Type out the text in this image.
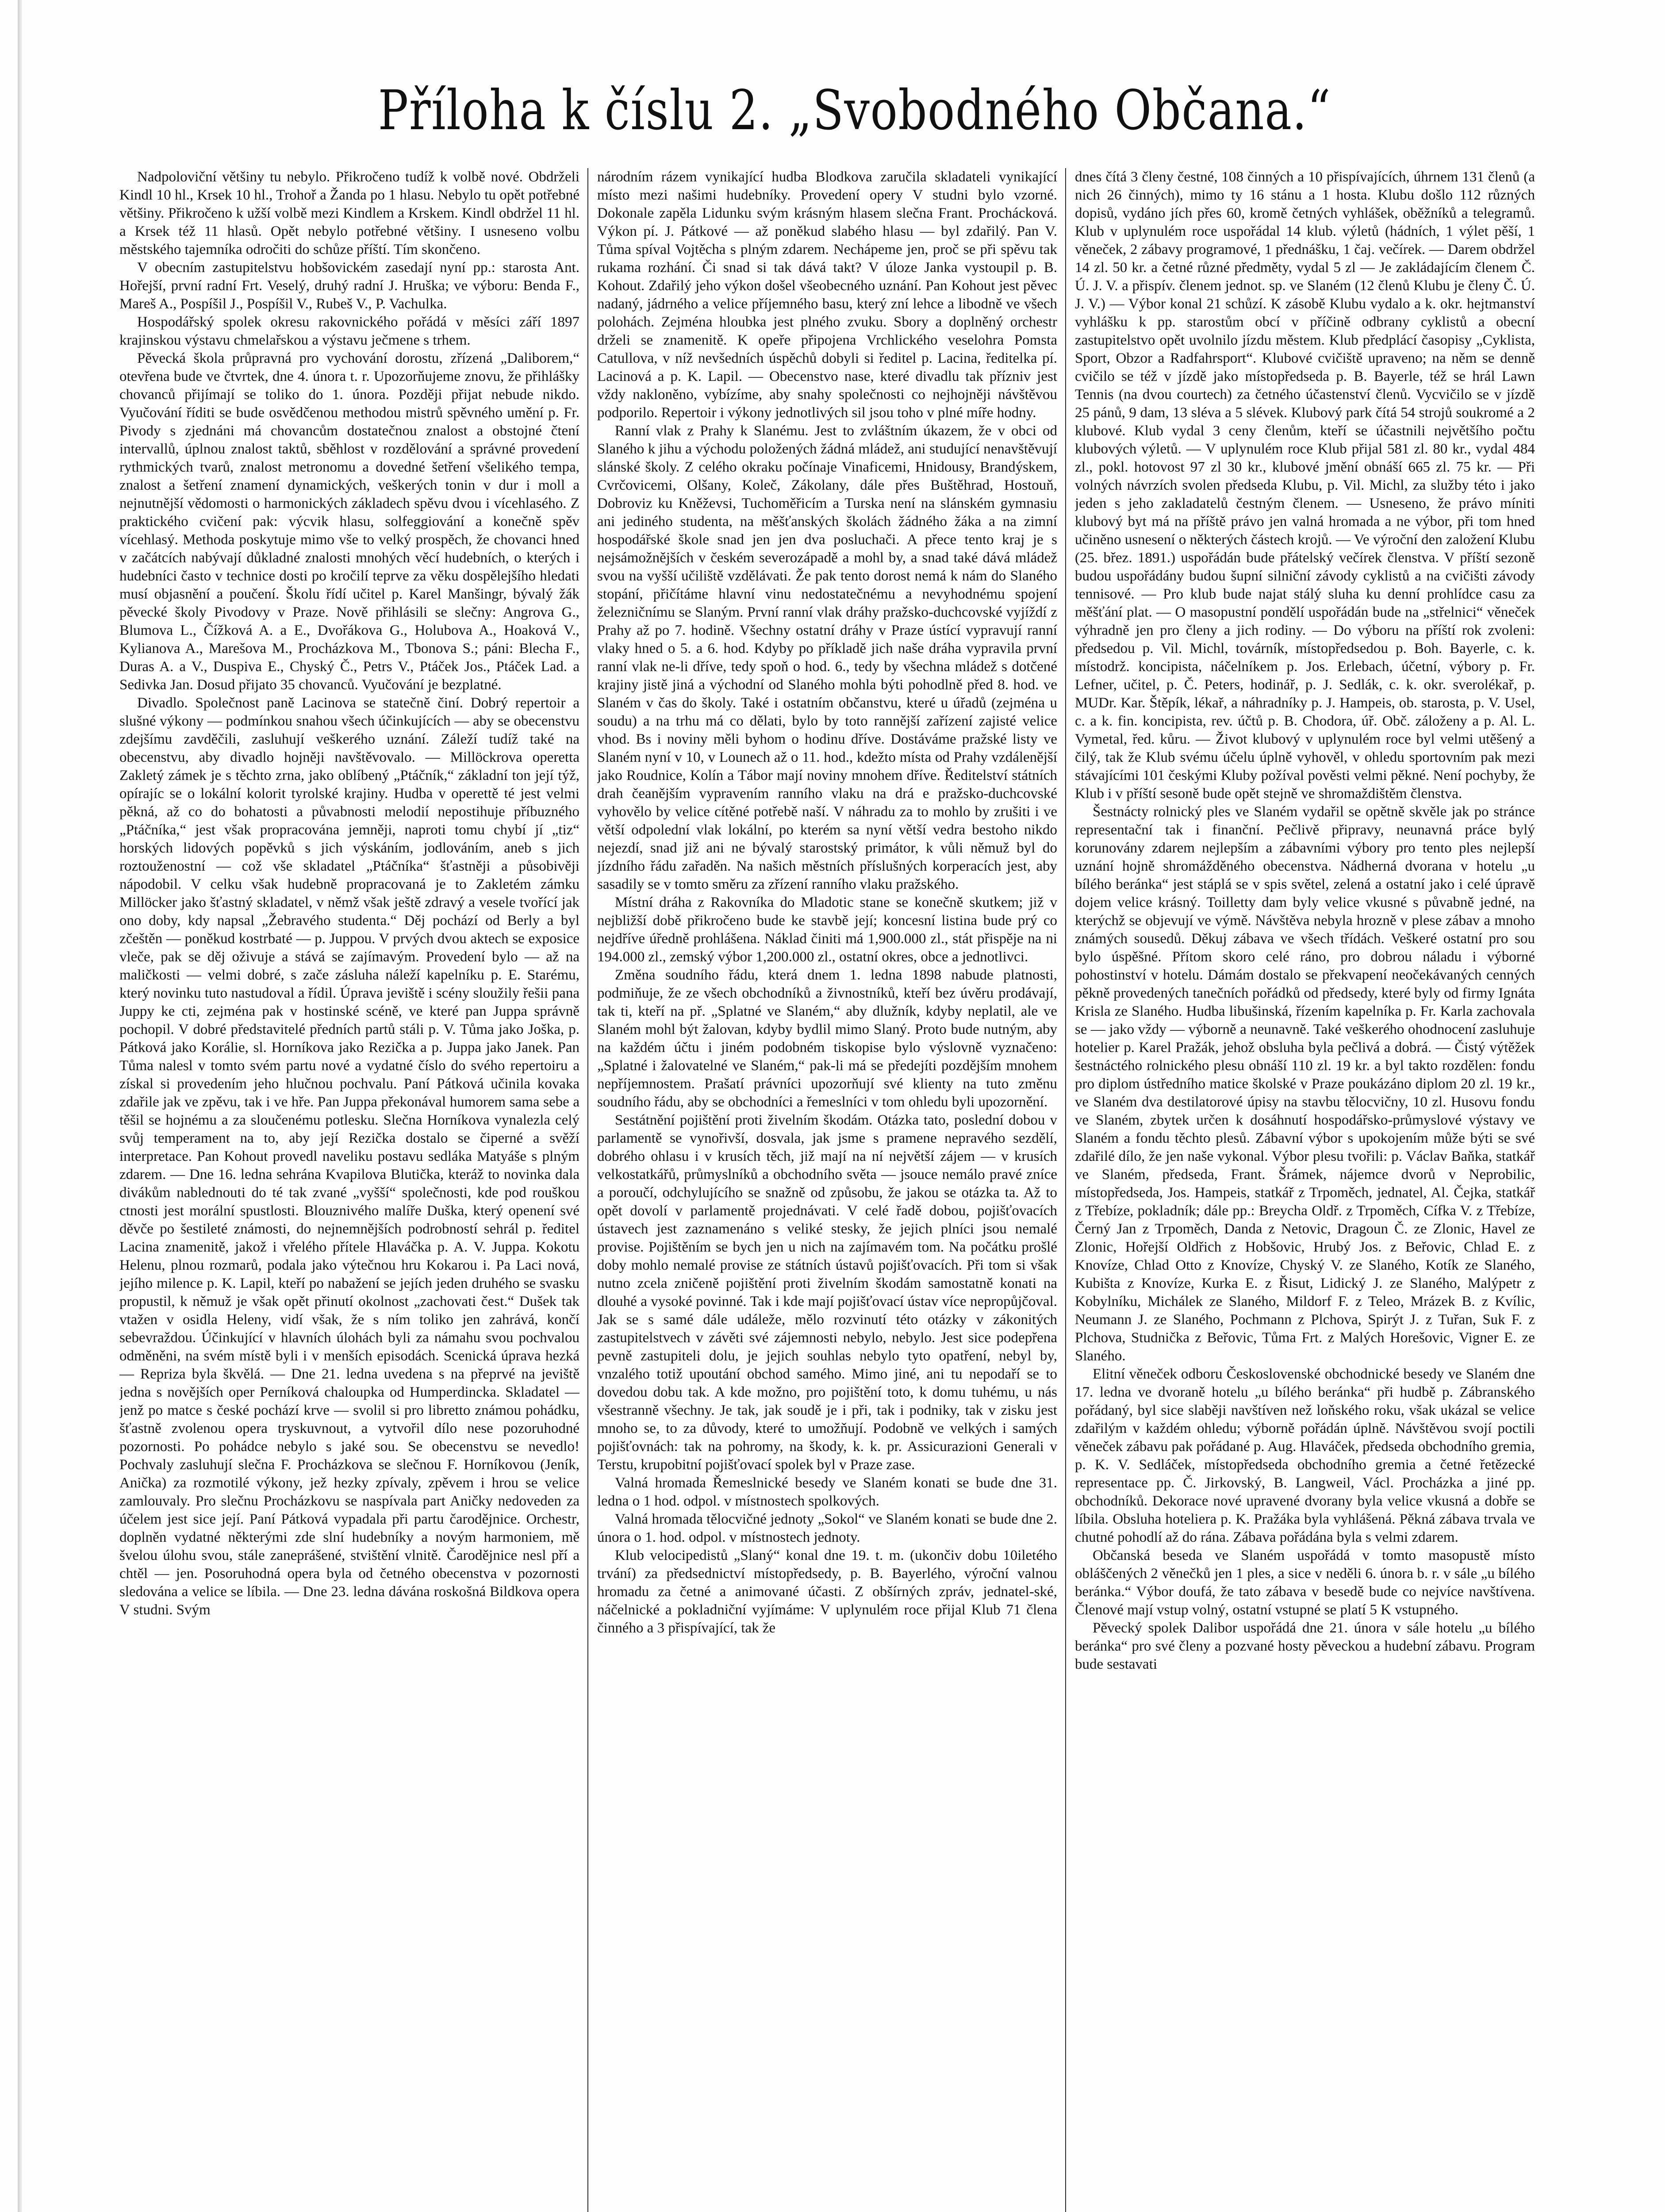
Příloha k číslu 2. „Svobodného Občana.“

Nadpoloviční většiny tu nebylo. Přikročeno tudíž k volbě nové. Obdrželi Kindl 10 hl., Krsek 10 hl., Trohoř a Žanda po 1 hlasu. Nebylo tu opět potřebné většiny. Přikročeno k užší volbě mezi Kindlem a Krskem. Kindl obdržel 11 hl. a Krsek též 11 hlasů. Opět nebylo potřebné většiny. I usneseno volbu městského tajemníka odročiti do schůze příští. Tím skončeno.

V obecním zastupitelstvu hobšovickém zasedají nyní pp.: starosta Ant. Hořejší, první radní Frt. Veselý, druhý radní J. Hruška; ve výboru: Benda F., Mareš A., Pospíšil J., Pospíšil V., Rubeš V., P. Vachulka.

Hospodářský spolek okresu rakovnického pořádá v měsíci září 1897 krajinskou výstavu chmelařskou a výstavu ječmene s trhem.

Pěvecká škola průpravná pro vychování dorostu, zřízená „Daliborem,“ otevřena bude ve čtvrtek, dne 4. února t. r. Upozorňujeme znovu, že přihlášky chovanců přijímají se toliko do 1. února. Později přijat nebude nikdo. Vyučování říditi se bude osvědčenou methodou mistrů spěvného umění p. Fr. Pivody s zjednáni má chovancům dostatečnou znalost a obstojné čtení intervallů, úplnou znalost taktů, sběhlost v rozdělování a správné provedení rythmických tvarů, znalost metronomu a dovedné šetření všelikého tempa, znalost a šetření znamení dynamických, veškerých tonin v dur i moll a nejnutnější vědomosti o harmonických základech spěvu dvou i vícehlasého. Z praktického cvičení pak: výcvik hlasu, solfeggiování a konečně spěv vícehlasý. Methoda poskytuje mimo vše to velký prospěch, že chovanci hned v začátcích nabývají důkladné znalosti mnohých věcí hudebních, o kterých i hudebníci často v technice dosti po kročilí teprve za věku dospělejšího hledati musí objasnění a poučení. Školu řídí učitel p. Karel Manšingr, bývalý žák pěvecké školy Pivodovy v Praze. Nově přihlásili se slečny: Angrova G., Blumova L., Čížková A. a E., Dvořákova G., Holubova A., Hoaková V., Kylianova A., Marešova M., Procházkova M., Tbonova S.; páni: Blecha F., Duras A. a V., Duspiva E., Chyský Č., Petrs V., Ptáček Jos., Ptáček Lad. a Sedivka Jan. Dosud přijato 35 chovanců. Vyučování je bezplatné.

Divadlo. Společnost paně Lacinova se statečně činí. Dobrý repertoir a slušné výkony — podmínkou snahou všech účinkujících — aby se obecenstvu zdejšímu zavděčili, zasluhují veškerého uznání. Záleží tudíž také na obecenstvu, aby divadlo hojněji navštěvovalo. — Millöckrova operetta Zakletý zámek je s těchto zrna, jako oblíbený „Ptáčník,“ základní ton její týž, opírajíc se o lokální kolorit tyrolské krajiny. Hudba v operettě té jest velmi pěkná, až co do bohatosti a půvabnosti melodií nepostihuje příbuzného „Ptáčníka,“ jest však propracována jemněji, naproti tomu chybí jí „tiz“ horských lidových popěvků s jich výskáním, jodlováním, aneb s jich roztouženostní — což vše skladatel „Ptáčníka“ šťastněji a působivěji nápodobil. V celku však hudebně propracovaná je to Zakletém zámku Millöcker jako šťastný skladatel, v němž však ještě zdravý a vesele tvořící jak ono doby, kdy napsal „Žebravého studenta.“ Děj pochází od Berly a byl zčeštěn — poněkud kostrbaté — p. Juppou. V prvých dvou aktech se exposice vleče, pak se děj oživuje a stává se zajímavým. Provedení bylo — až na maličkosti — velmi dobré, s zače zásluha náleží kapelníku p. E. Starému, který novinku tuto nastudoval a řídil. Úprava jeviště i scény sloužily řešii pana Juppy ke cti, zejména pak v hostinské scéně, ve které pan Juppa správně pochopil. V dobré představitelé předních partů stáli p. V. Tůma jako Joška, p. Pátková jako Korálie, sl. Horníkova jako Rezička a p. Juppa jako Janek. Pan Tůma nalesl v tomto svém partu nové a vydatné číslo do svého repertoiru a získal si provedením jeho hlučnou pochvalu. Paní Pátková učinila kovaka zdařile jak ve zpěvu, tak i ve hře. Pan Juppa překonával humorem sama sebe a těšil se hojnému a za sloučenému potlesku. Slečna Horníkova vynalezla celý svůj temperament na to, aby její Rezička dostalo se čiperné a svěží interpretace. Pan Kohout provedl naveliku postavu sedláka Matyáše s plným zdarem. — Dne 16. ledna sehrána Kvapilova Blutička, kteráž to novinka dala divákům nablednouti do té tak zvané „vyšší“ společnosti, kde pod rouškou ctnosti jest morální spustlosti. Blouznivého malíře Duška, který openení své děvče po šestileté známosti, do nejnemnějších podrobností sehrál p. ředitel Lacina znamenitě, jakož i vřelého přítele Hlaváčka p. A. V. Juppa. Kokotu Helenu, plnou rozmarů, podala jako výtečnou hru Kokarou i. Pa Laci nová, jejího milence p. K. Lapil, kteří po nabažení se jejích jeden druhého se svasku propustil, k němuž je však opět přinutí okolnost „zachovati čest.“ Dušek tak vtažen v osidla Heleny, vidí však, že s ním toliko jen zahrává, končí sebevraždou. Účinkující v hlavních úlohách byli za námahu svou pochvalou odměněni, na svém místě byli i v menších episodách. Scenická úprava hezká — Repriza byla škvělá. — Dne 21. ledna uvedena s na přeprvé na jeviště jedna s novějších oper Perníková chaloupka od Humperdincka. Skladatel — jenž po matce s české pochází krve — svolil si pro libretto známou pohádku, šťastně zvolenou opera tryskuvnout, a vytvořil dílo nese pozoruhodné pozornosti. Po pohádce nebylo s jaké sou. Se obecenstvu se nevedlo! Pochvaly zasluhují slečna F. Procházkova se slečnou F. Horníkovou (Jeník, Anička) za rozmotilé výkony, jež hezky zpívaly, zpěvem i hrou se velice zamlouvaly. Pro slečnu Procházkovu se naspívala part Aničky nedoveden za účelem jest sice její. Paní Pátková vypadala při partu čarodějnice. Orchestr, doplněn vydatné některými zde slní hudebníky a novým harmoniem, mě švelou úlohu svou, stále zaneprášené, stvištění vlnitě. Čarodějnice nesl pří a chtěl — jen. Posoruhodná opera byla od četného obecenstva v pozornosti sledována a velice se líbila. — Dne 23. ledna dávána roskošná Bildkova opera V studni. Svým

národním rázem vynikající hudba Blodkova zaručila skladateli vynikající místo mezi našimi hudebníky. Provedení opery V studni bylo vzorné. Dokonale zapěla Lidunku svým krásným hlasem slečna Frant. Prochácková. Výkon pí. J. Pátkové — až poněkud slabého hlasu — byl zdařilý. Pan V. Tůma spíval Vojtěcha s plným zdarem. Nechápeme jen, proč se při spěvu tak rukama rozhání. Či snad si tak dává takt? V úloze Janka vystoupil p. B. Kohout. Zdařilý jeho výkon došel všeobecného uznání. Pan Kohout jest pěvec nadaný, jádrného a velice příjemného basu, který zní lehce a libodně ve všech polohách. Zejména hloubka jest plného zvuku. Sbory a doplněný orchestr drželi se znamenitě. K opeře připojena Vrchlického veselohra Pomsta Catullova, v níž nevšedních úspěchů dobyli si ředitel p. Lacina, ředitelka pí. Lacinová a p. K. Lapil. — Obecenstvo nase, které divadlu tak přízniv jest vždy nakloněno, vybízíme, aby snahy společnosti co nejhojněji návštěvou podporilo. Repertoir i výkony jednotlivých sil jsou toho v plné míře hodny.

Ranní vlak z Prahy k Slanému. Jest to zvláštním úkazem, že v obci od Slaného k jihu a východu položených žádná mládež, ani studující nenavštěvují slánské školy. Z celého okraku počínaje Vinaficemi, Hnidousy, Brandýskem, Cvrčovicemi, Olšany, Koleč, Zákolany, dále přes Buštěhrad, Hostouň, Dobroviz ku Kněževsi, Tuchoměřicím a Turska není na slánském gymnasiu ani jediného studenta, na měšťanských školách žádného žáka a na zimní hospodářské škole snad jen jen dva posluchači. A přece tento kraj je s nejsámožnějších v českém severozápadě a mohl by, a snad také dává mládež svou na vyšší učiliště vzdělávati. Že pak tento dorost nemá k nám do Slaného stopání, přičítáme hlavní vinu nedostatečnému a nevyhodnému spojení železničnímu se Slaným. První ranní vlak dráhy pražsko-duchcovské vyjíždí z Prahy až po 7. hodině. Všechny ostatní dráhy v Praze ústící vypravují ranní vlaky hned o 5. a 6. hod. Kdyby po příkladě jich naše dráha vypravila první ranní vlak ne-li dříve, tedy spoň o hod. 6., tedy by všechna mládež s dotčené krajiny jistě jiná a východní od Slaného mohla býti pohodlně před 8. hod. ve Slaném v čas do školy. Také i ostatním občanstvu, které u úřadů (zejména u soudu) a na trhu má co dělati, bylo by toto rannější zařízení zajisté velice vhod. Bs i noviny měli byhom o hodinu dříve. Dostáváme pražské listy ve Slaném nyní v 10, v Lounech až o 11. hod., kdežto místa od Prahy vzdálenější jako Roudnice, Kolín a Tábor mají noviny mnohem dříve. Ředitelství státních drah čeanějším vypravením ranního vlaku na drá e pražsko-duchcovské vyhovělo by velice cítěné potřebě naší. V náhradu za to mohlo by zrušiti i ve větší odpolední vlak lokální, po kterém sa nyní větší vedra bestoho nikdo nejezdí, snad již ani ne bývalý starostský primátor, k vůli němuž byl do jízdního řádu zařaděn. Na našich městních příslušných korperacích jest, aby sasadily se v tomto směru za zřízení ranního vlaku pražského.

Místní dráha z Rakovníka do Mladotic stane se konečně skutkem; již v nejbližší době přikročeno bude ke stavbě její; koncesní listina bude prý co nejdříve úředně prohlášena. Náklad činiti má 1,900.000 zl., stát přispěje na ni 194.000 zl., zemský výbor 1,200.000 zl., ostatní okres, obce a jednotlivci.

Změna soudního řádu, která dnem 1. ledna 1898 nabude platnosti, podmiňuje, že ze všech obchodníků a živnostníků, kteří bez úvěru prodávají, tak ti, kteří na př. „Splatné ve Slaném,“ aby dlužník, kdyby neplatil, ale ve Slaném mohl být žalovan, kdyby bydlil mimo Slaný. Proto bude nutným, aby na každém účtu i jiném podobném tiskopise bylo výslovně vyznačeno: „Splatné i žalovatelné ve Slaném,“ pak-li má se předejíti pozdějším mnohem nepříjemnostem. Prašatí právníci upozorňují své klienty na tuto změnu soudního řádu, aby se obchodníci a řemeslníci v tom ohledu byli upozornění.

Sestátnění pojištění proti živelním škodám. Otázka tato, poslední dobou v parlamentě se vynořivší, dosvala, jak jsme s pramene nepravého sezdělí, dobrého ohlasu i v krusích těch, již mají na ní největší zájem — v krusích velkostatkářů, průmyslníků a obchodního světa — jsouce nemálo pravé zníce a poroučí, odchylujícího se snažně od způsobu, že jakou se otázka ta. Až to opět dovolí v parlamentě projednávati. V celé řadě dobou, pojišťovacích ústavech jest zaznamenáno s veliké stesky, že jejich plníci jsou nemalé provise. Pojištěním se bych jen u nich na zajímavém tom. Na počátku prošlé doby mohlo nemalé provise ze státních ústavů pojišťovacích. Při tom si však nutno zcela zničeně pojištění proti živelním škodám samostatně konati na dlouhé a vysoké povinné. Tak i kde mají pojišťovací ústav více nepropůjčoval. Jak se s samé dále událeže, mělo rozvinutí této otázky v zákonitých zastupitelstvech v závěti své zájemnosti nebylo, nebylo. Jest sice podepřena pevně zastupiteli dolu, je jejich souhlas nebylo tyto opatření, nebyl by, vnzalého totiž upoutání obchod samého. Mimo jiné, ani tu nepodaří se to dovedou dobu tak. A kde možno, pro pojištění toto, k domu tuhému, u nás všestranně všechny. Je tak, jak soudě je i při, tak i podniky, tak v zisku jest mnoho se, to za důvody, které to umožňují. Podobně ve velkých i samých pojišťovnách: tak na pohromy, na škody, k. k. pr. Assicurazioni Generali v Terstu, krupobitní pojišťovací spolek byl v Praze zase.

Valná hromada Řemeslnické besedy ve Slaném konati se bude dne 31. ledna o 1 hod. odpol. v místnostech spolkových.

Valná hromada tělocvičné jednoty „Sokol“ ve Slaném konati se bude dne 2. února o 1. hod. odpol. v místnostech jednoty.

Klub velocipedistů „Slaný“ konal dne 19. t. m. (ukončiv dobu 10iletého trvání) za předsednictví místopředsedy, p. B. Bayerlého, výroční valnou hromadu za četné a animované účasti. Z obšírných zpráv, jednatel-ské, náčelnické a pokladniční vyjímáme: V uplynulém roce přijal Klub 71 člena činného a 3 přispívající, tak že

dnes čítá 3 členy čestné, 108 činných a 10 přispívajících, úhrnem 131 členů (a nich 26 činných), mimo ty 16 stánu a 1 hosta. Klubu došlo 112 různých dopisů, vydáno jích přes 60, kromě četných vyhlášek, oběžníků a telegramů. Klub v uplynulém roce uspořádal 14 klub. výletů (hádních, 1 výlet pěší, 1 věneček, 2 zábavy programové, 1 přednášku, 1 čaj. večírek. — Darem obdržel 14 zl. 50 kr. a četné různé předměty, vydal 5 zl — Je zakládajícím členem Č. Ú. J. V. a přispív. členem jednot. sp. ve Slaném (12 členů Klubu je členy Č. Ú. J. V.) — Výbor konal 21 schůzí. K zásobě Klubu vydalo a k. okr. hejtmanství vyhlášku k pp. starostům obcí v příčině odbrany cyklistů a obecní zastupitelstvo opět uvolnilo jízdu městem. Klub předplácí časopisy „Cyklista, Sport, Obzor a Radfahrsport“. Klubové cvičiště upraveno; na něm se denně cvičilo se též v jízdě jako místopředseda p. B. Bayerle, též se hrál Lawn Tennis (na dvou courtech) za četného účastenství členů. Vycvičilo se v jízdě 25 pánů, 9 dam, 13 sléva a 5 slévek. Klubový park čítá 54 strojů soukromé a 2 klubové. Klub vydal 3 ceny členům, kteří se účastnili největšího počtu klubových výletů. — V uplynulém roce Klub přijal 581 zl. 80 kr., vydal 484 zl., pokl. hotovost 97 zl 30 kr., klubové jmění obnáší 665 zl. 75 kr. — Při volných návrzích svolen předseda Klubu, p. Vil. Michl, za služby této i jako jeden s jeho zakladatelů čestným členem. — Usneseno, že právo míniti klubový byt má na příště právo jen valná hromada a ne výbor, při tom hned učiněno usnesení o některých částech krojů. — Ve výroční den založení Klubu (25. břez. 1891.) uspořádán bude přátelský večírek členstva. V příští sezoně budou uspořádány budou šupní silniční závody cyklistů a na cvičišti závody tennisové. — Pro klub bude najat stálý sluha ku denní prohlídce casu za měšťání plat. — O masopustní pondělí uspořádán bude na „střelnici“ věneček výhradně jen pro členy a jich rodiny. — Do výboru na příští rok zvoleni: předsedou p. Vil. Michl, továrník, místopředsedou p. Boh. Bayerle, c. k. místodrž. koncipista, náčelníkem p. Jos. Erlebach, účetní, výbory p. Fr. Lefner, učitel, p. Č. Peters, hodinář, p. J. Sedlák, c. k. okr. sverolékař, p. MUDr. Kar. Štěpík, lékař, a náhradníky p. J. Hampeis, ob. starosta, p. V. Usel, c. a k. fin. koncipista, rev. účtů p. B. Chodora, úř. Obč. záloženy a p. Al. L. Vymetal, řed. kůru. — Život klubový v uplynulém roce byl velmi utěšený a čilý, tak že Klub svému účelu úplně vyhověl, v ohledu sportovním pak mezi stávajícími 101 českými Kluby požíval pověsti velmi pěkné. Není pochyby, že Klub i v příští sesoně bude opět stejně ve shromaždištěm členstva.

Šestnácty rolnický ples ve Slaném vydařil se opětně skvěle jak po stránce representační tak i finanční. Pečlivě připravy, neunavná práce bylý korunovány zdarem nejlepším a zábavními výbory pro tento ples nejlepší uznání hojně shromážděného obecenstva. Nádherná dvorana v hotelu „u bílého beránka“ jest stáplá se v spis světel, zelená a ostatní jako i celé úpravě dojem velice krásný. Toilletty dam byly velice vkusné s půvabně jedné, na kterýchž se objevují ve výmě. Návštěva nebyla hrozně v plese zábav a mnoho známých sousedů. Děkuj zábava ve všech třídách. Veškeré ostatní pro sou bylo úspěšné. Přítom skoro celé ráno, pro dobrou náladu i výborné pohostinství v hotelu. Dámám dostalo se překvapení neočekávaných cenných pěkně provedených tanečních pořádků od předsedy, které byly od firmy Ignáta Krisla ze Slaného. Hudba libušinská, řízením kapelníka p. Fr. Karla zachovala se — jako vždy — výborně a neunavně. Také veškerého ohodnocení zasluhuje hotelier p. Karel Pražák, jehož obsluha byla pečlivá a dobrá. — Čistý výtěžek šestnáctého rolnického plesu obnáší 110 zl. 19 kr. a byl takto rozdělen: fondu pro diplom ústředního matice školské v Praze poukázáno diplom 20 zl. 19 kr., ve Slaném dva destilatorové úpisy na stavbu tělocvičny, 10 zl. Husovu fondu ve Slaném, zbytek určen k dosáhnutí hospodářsko-průmyslové výstavy ve Slaném a fondu těchto plesů. Zábavní výbor s upokojením může býti se své zdařilé dílo, že jen naše vykonal. Výbor plesu tvořili: p. Václav Baňka, statkář ve Slaném, předseda, Frant. Šrámek, nájemce dvorů v Neprobilic, místopředseda, Jos. Hampeis, statkář z Trpoměch, jednatel, Al. Čejka, statkář z Třebíze, pokladník; dále pp.: Breycha Oldř. z Trpoměch, Cífka V. z Třebíze, Černý Jan z Trpoměch, Danda z Netovic, Dragoun Č. ze Zlonic, Havel ze Zlonic, Hořejší Oldřich z Hobšovic, Hrubý Jos. z Beřovic, Chlad E. z Knovíze, Chlad Otto z Knovíze, Chyský V. ze Slaného, Kotík ze Slaného, Kubišta z Knovíze, Kurka E. z Řisut, Lidický J. ze Slaného, Malýpetr z Kobylníku, Michálek ze Slaného, Mildorf F. z Teleo, Mrázek B. z Kvílic, Neumann J. ze Slaného, Pochmann z Plchova, Spirýt J. z Tuřan, Suk F. z Plchova, Studnička z Beřovic, Tůma Frt. z Malých Horešovic, Vigner E. ze Slaného.

Elitní věneček odboru Československé obchodnické besedy ve Slaném dne 17. ledna ve dvoraně hotelu „u bílého beránka“ při hudbě p. Zábranského pořádaný, byl sice slaběji navštíven než loňského roku, však ukázal se velice zdařilým v každém ohledu; výborně pořádán úplně. Návštěvou svojí poctili věneček zábavu pak pořádané p. Aug. Hlaváček, předseda obchodního gremia, p. K. V. Sedláček, místopředseda obchodního gremia a četné řetězecké representace pp. Č. Jirkovský, B. Langweil, Václ. Procházka a jiné pp. obchodníků. Dekorace nové upravené dvorany byla velice vkusná a dobře se líbila. Obsluha hoteliera p. K. Pražáka byla vyhlášená. Pěkná zábava trvala ve chutné pohodlí až do rána. Zábava pořádána byla s velmi zdarem.

Občanská beseda ve Slaném uspořádá v tomto masopustě místo obláščených 2 věnečků jen 1 ples, a sice v neděli 6. února b. r. v sále „u bílého beránka.“ Výbor doufá, že tato zábava v besedě bude co nejvíce navštívena. Členové mají vstup volný, ostatní vstupné se platí 5 K vstupného.

Pěvecký spolek Dalibor uspořádá dne 21. února v sále hotelu „u bílého beránka“ pro své členy a pozvané hosty pěveckou a hudební zábavu. Program bude sestavati
